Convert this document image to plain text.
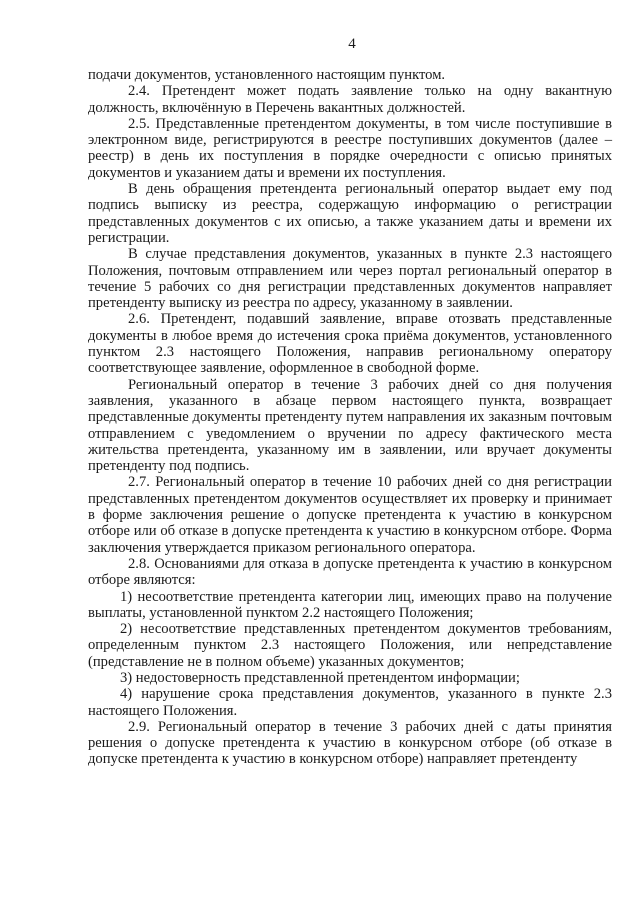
4

подачи документов, установленного настоящим пунктом.

2.4. Претендент может подать заявление только на одну вакантную должность, включённую в Перечень вакантных должностей.

2.5. Представленные претендентом документы, в том числе поступившие в электронном виде, регистрируются в реестре поступивших документов (далее – реестр) в день их поступления в порядке очередности с описью принятых документов и указанием даты и времени их поступления.

В день обращения претендента региональный оператор выдает ему под подпись выписку из реестра, содержащую информацию о регистрации представленных документов с их описью, а также указанием даты и времени их регистрации.

В случае представления документов, указанных в пункте 2.3 настоящего Положения, почтовым отправлением или через портал региональный оператор в течение 5 рабочих со дня регистрации представленных документов направляет претенденту выписку из реестра по адресу, указанному в заявлении.

2.6. Претендент, подавший заявление, вправе отозвать представленные документы в любое время до истечения срока приёма документов, установленного пунктом 2.3 настоящего Положения, направив региональному оператору соответствующее заявление, оформленное в свободной форме.

Региональный оператор в течение 3 рабочих дней со дня получения заявления, указанного в абзаце первом настоящего пункта, возвращает представленные документы претенденту путем направления их заказным почтовым отправлением с уведомлением о вручении по адресу фактического места жительства претендента, указанному им в заявлении, или вручает документы претенденту под подпись.

2.7. Региональный оператор в течение 10 рабочих дней со дня регистрации представленных претендентом документов осуществляет их проверку и принимает в форме заключения решение о допуске претендента к участию в конкурсном отборе или об отказе в допуске претендента к участию в конкурсном отборе. Форма заключения утверждается приказом регионального оператора.

2.8. Основаниями для отказа в допуске претендента к участию в конкурсном отборе являются:

1) несоответствие претендента категории лиц, имеющих право на получение выплаты, установленной пунктом 2.2 настоящего Положения;

2) несоответствие представленных претендентом документов требованиям, определенным пунктом 2.3 настоящего Положения, или непредставление (представление не в полном объеме) указанных документов;

3) недостоверность представленной претендентом информации;

4) нарушение срока представления документов, указанного в пункте 2.3 настоящего Положения.

2.9. Региональный оператор в течение 3 рабочих дней с даты принятия решения о допуске претендента к участию в конкурсном отборе (об отказе в допуске претендента к участию в конкурсном отборе) направляет претенденту
